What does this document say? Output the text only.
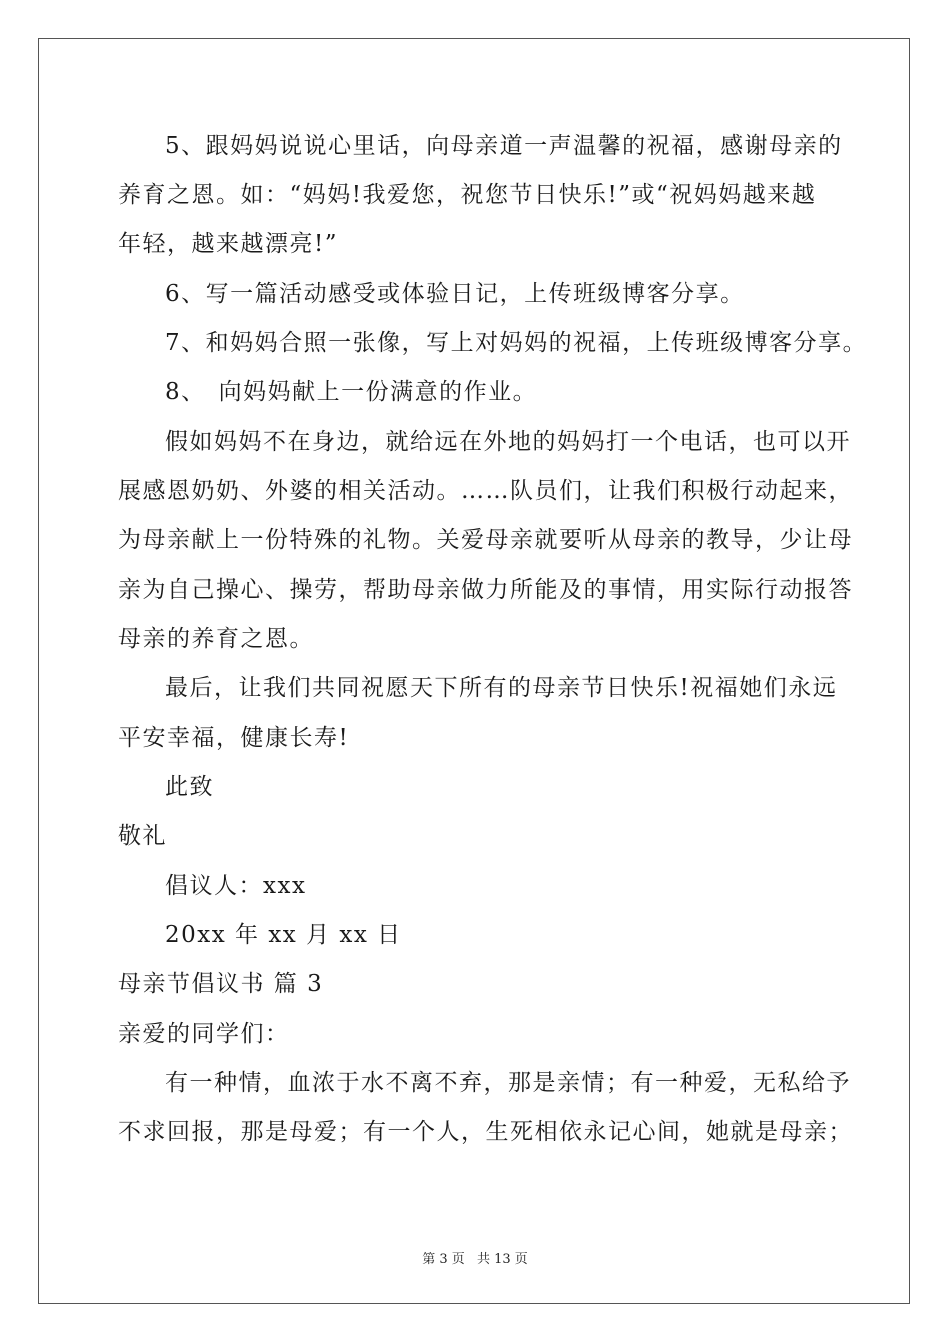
5、跟妈妈说说心里话，向母亲道一声温馨的祝福，感谢母亲的
养育之恩。如：“妈妈!我爱您，祝您节日快乐!”或“祝妈妈越来越
年轻，越来越漂亮!”
6、写一篇活动感受或体验日记，上传班级博客分享。
7、和妈妈合照一张像，写上对妈妈的祝福，上传班级博客分享。
8、　向妈妈献上一份满意的作业。
假如妈妈不在身边，就给远在外地的妈妈打一个电话，也可以开
展感恩奶奶、外婆的相关活动。……队员们，让我们积极行动起来，
为母亲献上一份特殊的礼物。关爱母亲就要听从母亲的教导，少让母
亲为自己操心、操劳，帮助母亲做力所能及的事情，用实际行动报答
母亲的养育之恩。
最后，让我们共同祝愿天下所有的母亲节日快乐!祝福她们永远
平安幸福，健康长寿!
此致
敬礼
倡议人：xxx
20xx 年 xx 月 xx 日
母亲节倡议书 篇 3
亲爱的同学们：
有一种情，血浓于水不离不弃，那是亲情；有一种爱，无私给予
不求回报，那是母爱；有一个人，生死相依永记心间，她就是母亲；
第 3 页 共 13 页
